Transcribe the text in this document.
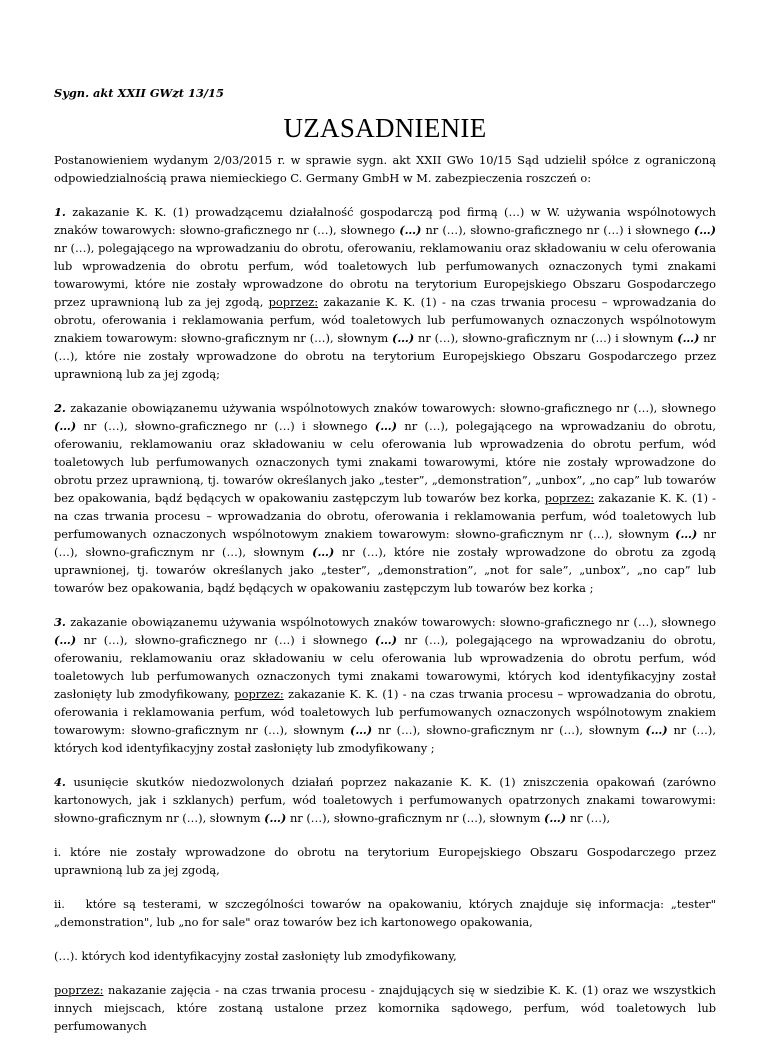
Sygn. akt XXII GWzt 13/15
UZASADNIENIE

Postanowieniem wydanym 2/03/2015 r. w sprawie sygn. akt XXII GWo 10/15 Sąd udzielił spółce z ograniczoną odpowiedzialnością prawa niemieckiego C. Germany GmbH w M. zabezpieczenia roszczeń o:

1. zakazanie K. K. (1) prowadzącemu działalność gospodarczą pod firmą (…) w W. używania wspólnotowych znaków towarowych: słowno-graficznego nr (…), słownego (…) nr (…), słowno-graficznego nr (…) i słownego (…) nr (…), polegającego na wprowadzaniu do obrotu, oferowaniu, reklamowaniu oraz składowaniu w celu oferowania lub wprowadzenia do obrotu perfum, wód toaletowych lub perfumowanych oznaczonych tymi znakami towarowymi, które nie zostały wprowadzone do obrotu na terytorium Europejskiego Obszaru Gospodarczego przez uprawnioną lub za jej zgodą, poprzez: zakazanie K. K. (1) - na czas trwania procesu – wprowadzania do obrotu, oferowania i reklamowania perfum, wód toaletowych lub perfumowanych oznaczonych wspólnotowym znakiem towarowym: słowno-graficznym nr (…), słownym (…) nr (…), słowno-graficznym nr (…) i słownym (…) nr (…), które nie zostały wprowadzone do obrotu na terytorium Europejskiego Obszaru Gospodarczego przez uprawnioną lub za jej zgodą;

2. zakazanie obowiązanemu używania wspólnotowych znaków towarowych: słowno-graficznego nr (…), słownego (…) nr (…), słowno-graficznego nr (…) i słownego (…) nr (…), polegającego na wprowadzaniu do obrotu, oferowaniu, reklamowaniu oraz składowaniu w celu oferowania lub wprowadzenia do obrotu perfum, wód toaletowych lub perfumowanych oznaczonych tymi znakami towarowymi, które nie zostały wprowadzone do obrotu przez uprawnioną, tj. towarów określanych jako „tester”, „demonstration”, „unbox”, „no cap” lub towarów bez opakowania, bądź będących w opakowaniu zastępczym lub towarów bez korka, poprzez: zakazanie K. K. (1) - na czas trwania procesu – wprowadzania do obrotu, oferowania i reklamowania perfum, wód toaletowych lub perfumowanych oznaczonych wspólnotowym znakiem towarowym: słowno-graficznym nr (…), słownym (…) nr (…), słowno-graficznym nr (…), słownym (…) nr (…), które nie zostały wprowadzone do obrotu za zgodą uprawnionej, tj. towarów określanych jako „tester”, „demonstration”, „not for sale”, „unbox”, „no cap” lub towarów bez opakowania, bądź będących w opakowaniu zastępczym lub towarów bez korka ;

3. zakazanie obowiązanemu używania wspólnotowych znaków towarowych: słowno-graficznego nr (…), słownego (…) nr (…), słowno-graficznego nr (…) i słownego (…) nr (…), polegającego na wprowadzaniu do obrotu, oferowaniu, reklamowaniu oraz składowaniu w celu oferowania lub wprowadzenia do obrotu perfum, wód toaletowych lub perfumowanych oznaczonych tymi znakami towarowymi, których kod identyfikacyjny został zasłonięty lub zmodyfikowany, poprzez: zakazanie K. K. (1) - na czas trwania procesu – wprowadzania do obrotu, oferowania i reklamowania perfum, wód toaletowych lub perfumowanych oznaczonych wspólnotowym znakiem towarowym: słowno-graficznym nr (…), słownym (…) nr (…), słowno-graficznym nr (…), słownym (…) nr (…), których kod identyfikacyjny został zasłonięty lub zmodyfikowany ;

4. usunięcie skutków niedozwolonych działań poprzez nakazanie K. K. (1) zniszczenia opakowań (zarówno kartonowych, jak i szklanych) perfum, wód toaletowych i perfumowanych opatrzonych znakami towarowymi: słowno-graficznym nr (…), słownym (…) nr (…), słowno-graficznym nr (…), słownym (…) nr (…),

i. które nie zostały wprowadzone do obrotu na terytorium Europejskiego Obszaru Gospodarczego przez uprawnioną lub za jej zgodą,

ii.   które są testerami, w szczególności towarów na opakowaniu, których znajduje się informacja: „tester" „demonstration", lub „no for sale" oraz towarów bez ich kartonowego opakowania,

(…). których kod identyfikacyjny został zasłonięty lub zmodyfikowany,

poprzez: nakazanie zajęcia - na czas trwania procesu - znajdujących się w siedzibie K. K. (1) oraz we wszystkich innych miejscach, które zostaną ustalone przez komornika sądowego, perfum, wód toaletowych lub perfumowanych
